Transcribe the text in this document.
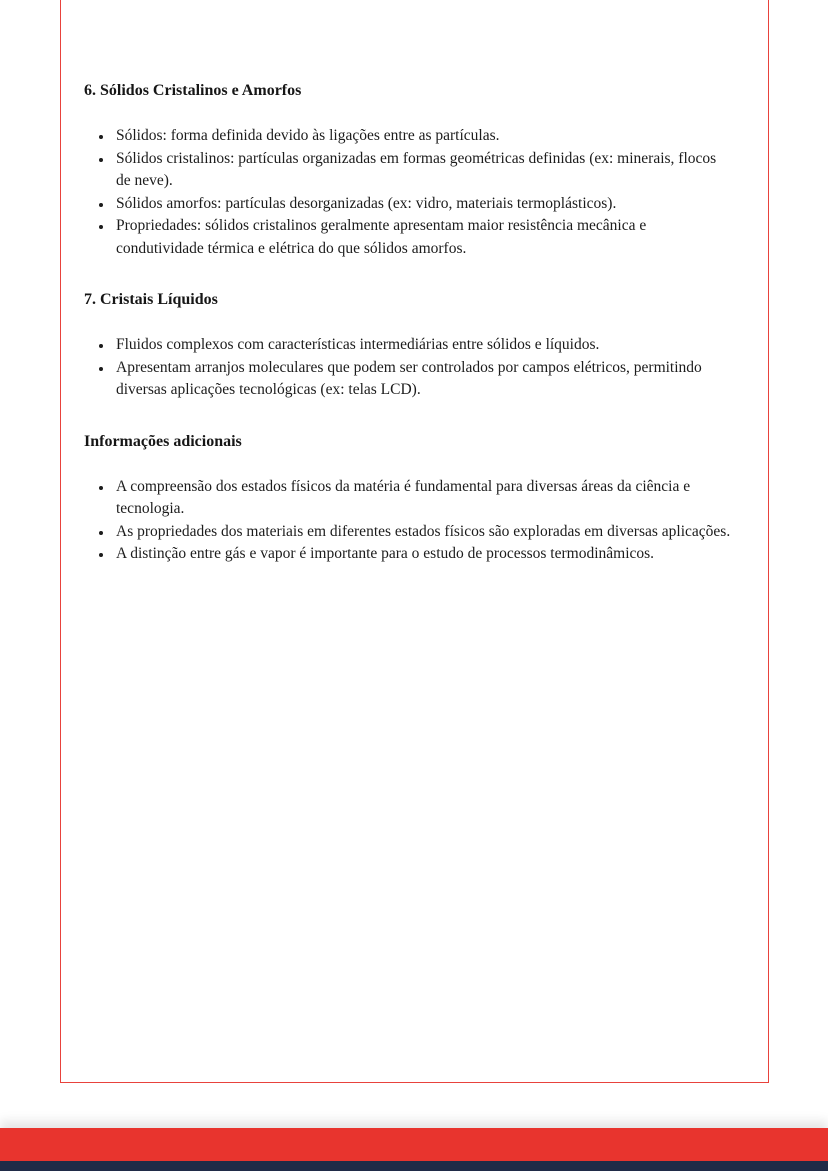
6. Sólidos Cristalinos e Amorfos
• Sólidos: forma definida devido às ligações entre as partículas.
• Sólidos cristalinos: partículas organizadas em formas geométricas definidas (ex: minerais, flocos de neve).
• Sólidos amorfos: partículas desorganizadas (ex: vidro, materiais termoplásticos).
• Propriedades: sólidos cristalinos geralmente apresentam maior resistência mecânica e condutividade térmica e elétrica do que sólidos amorfos.
7. Cristais Líquidos
• Fluidos complexos com características intermediárias entre sólidos e líquidos.
• Apresentam arranjos moleculares que podem ser controlados por campos elétricos, permitindo diversas aplicações tecnológicas (ex: telas LCD).
Informações adicionais
• A compreensão dos estados físicos da matéria é fundamental para diversas áreas da ciência e tecnologia.
• As propriedades dos materiais em diferentes estados físicos são exploradas em diversas aplicações.
• A distinção entre gás e vapor é importante para o estudo de processos termodinâmicos.
